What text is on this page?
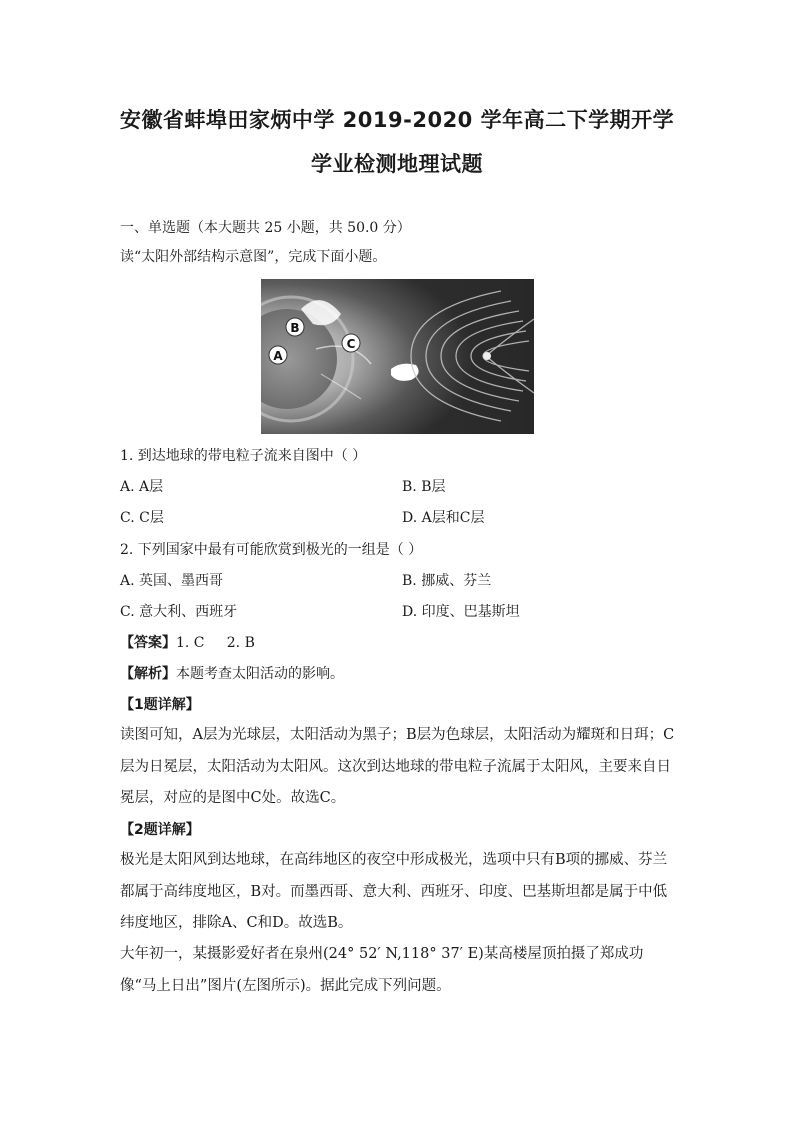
安徽省蚌埠田家炳中学 2019-2020 学年高二下学期开学
学业检测地理试题
一、单选题（本大题共 25 小题，共 50.0 分）
读“太阳外部结构示意图”，完成下面小题。
B
A
C
1. 到达地球的带电粒子流来自图中（ ）
A. A层	B. B层
C. C层	D. A层和C层
2. 下列国家中最有可能欣赏到极光的一组是（ ）
A. 英国、墨西哥	B. 挪威、芬兰
C. 意大利、西班牙	D. 印度、巴基斯坦
【答案】1. C     2. B
【解析】本题考查太阳活动的影响。
【1题详解】
读图可知，A层为光球层，太阳活动为黑子；B层为色球层，太阳活动为耀斑和日珥；C层为日冕层，太阳活动为太阳风。这次到达地球的带电粒子流属于太阳风，主要来自日冕层，对应的是图中C处。故选C。
【2题详解】
极光是太阳风到达地球，在高纬地区的夜空中形成极光，选项中只有B项的挪威、芬兰都属于高纬度地区，B对。而墨西哥、意大利、西班牙、印度、巴基斯坦都是属于中低纬度地区，排除A、C和D。故选B。
大年初一，某摄影爱好者在泉州(24° 52′ N,118° 37′ E)某高楼屋顶拍摄了郑成功像“马上日出”图片(左图所示)。据此完成下列问题。
